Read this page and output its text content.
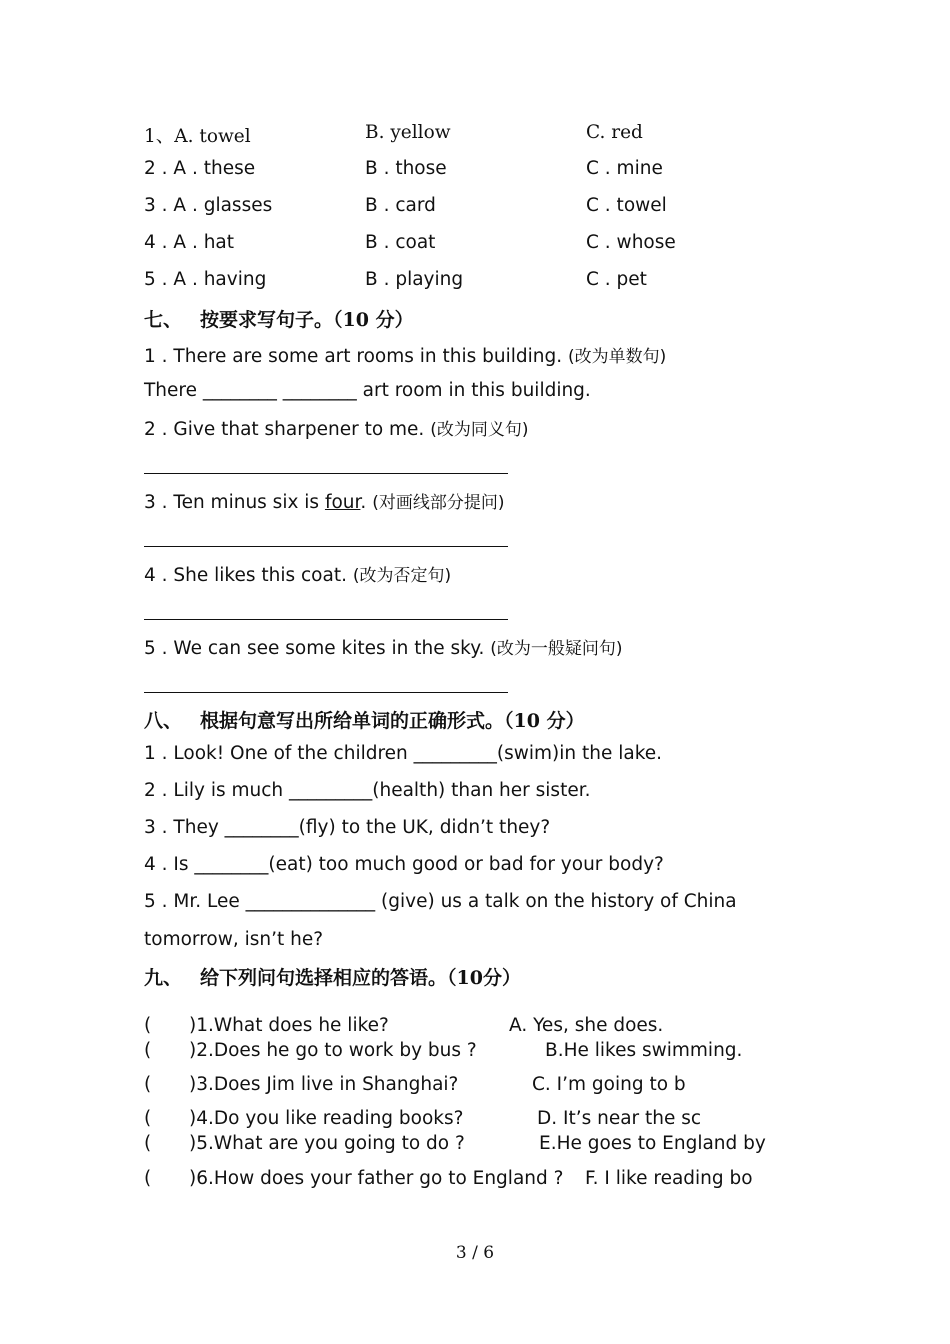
1、A. towel	B. yellow	C. red
2 . A . these	B . those	C . mine
3 . A . glasses	B . card	C . towel
4 . A . hat	B . coat	C . whose
5 . A . having	B . playing	C . pet
七、 按要求写句子。（10 分）
1 . There are some art rooms in this building. (改为单数句)
There ________ ________ art room in this building.
2 . Give that sharpener to me. (改为同义句)
3 . Ten minus six is four. (对画线部分提问)
4 . She likes this coat. (改为否定句)
5 . We can see some kites in the sky. (改为一般疑问句)
八、 根据句意写出所给单词的正确形式。（10 分）
1 . Look! One of the children _________(swim)in the lake.
2 . Lily is much _________(health) than her sister.
3 . They ________(fly) to the UK, didn’t they?
4 . Is ________(eat) too much good or bad for your body?
5 . Mr. Lee ______________ (give) us a talk on the history of China
tomorrow, isn’t he?
九、 给下列问句选择相应的答语。（10分）
( )1.What does he like?	A. Yes, she does.
( )2.Does he go to work by bus ?	B.He likes swimming.
( )3.Does Jim live in Shanghai?	C. I’m going to b
( )4.Do you like reading books?	D. It’s near the sc
( )5.What are you going to do ?	E.He goes to England by
( )6.How does your father go to England ? F. I like reading bo
3 / 6
